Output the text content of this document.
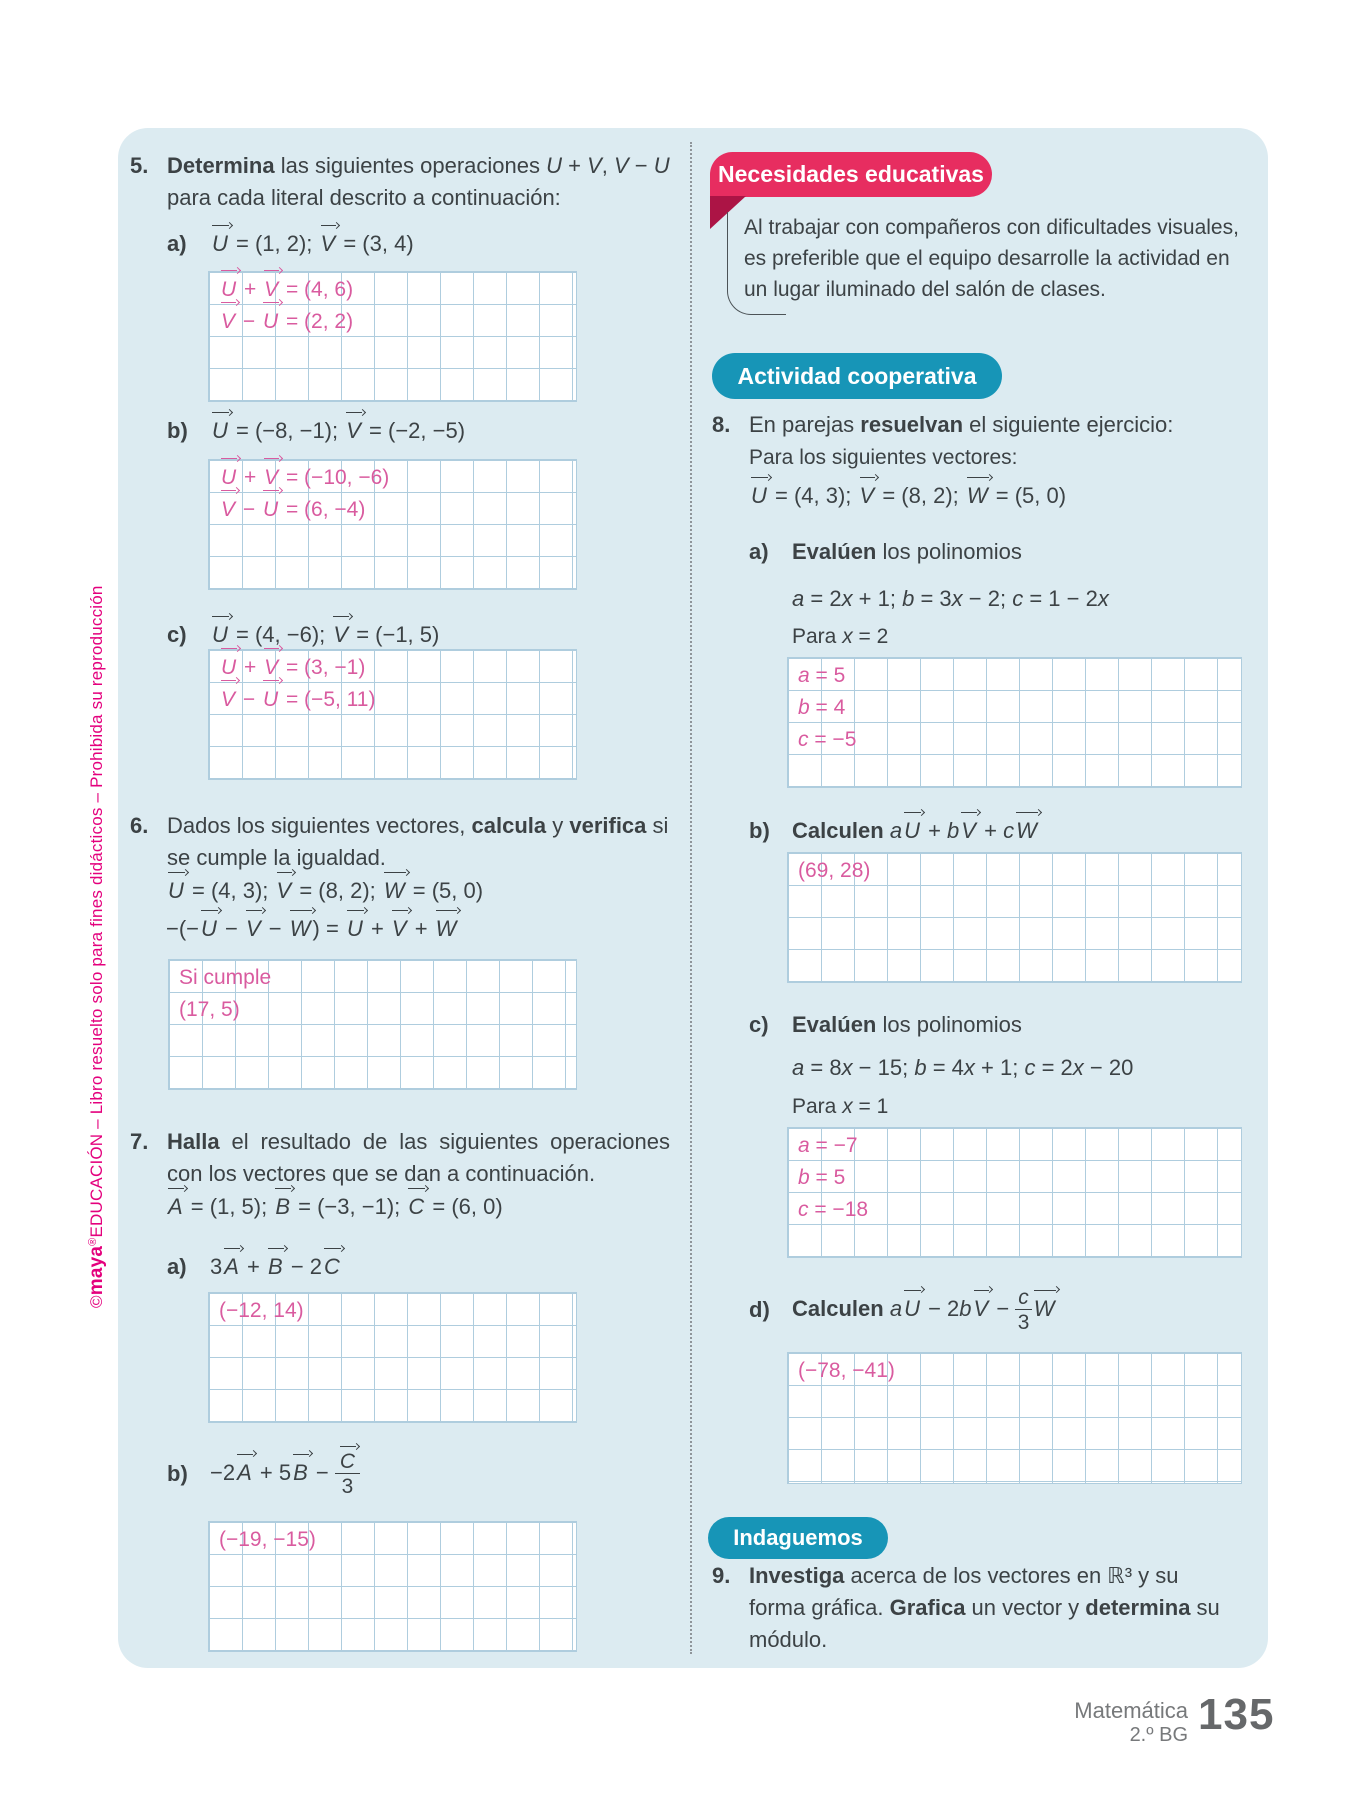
©maya®EDUCACIÓN – Libro resuelto solo para fines didácticos – Prohibida su reproducción
5. Determina las siguientes operaciones U + V, V − U para cada literal descrito a continuación:
a)	U = (1, 2); V = (3, 4)
U + V = (4, 6)
V − U = (2, 2)
b)	U = (−8, −1); V = (−2, −5)
U + V = (−10, −6)
V − U = (6, −4)
c)	U = (4, −6); V = (−1, 5)
U + V = (3, −1)
V − U = (−5, 11)
6. Dados los siguientes vectores, calcula y verifica si se cumple la igualdad.
U = (4, 3); V = (8, 2); W = (5, 0)
−(−U − V − W) = U + V + W
Si cumple
(17, 5)
7. Halla el resultado de las siguientes operaciones con los vectores que se dan a continuación.
A = (1, 5); B = (−3, −1); C = (6, 0)
a)	3A + B − 2C
(−12, 14)
b)	$-2A + 5B - \frac{C}{3}$
(−19, −15)
Necesidades educativas
Al trabajar con compañeros con dificultades visuales, es preferible que el equipo desarrolle la actividad en un lugar iluminado del salón de clases.
Actividad cooperativa
8. En parejas resuelvan el siguiente ejercicio:
Para los siguientes vectores:
U = (4, 3); V = (8, 2); W = (5, 0)
a)	Evalúen los polinomios
a = 2x + 1; b = 3x − 2; c = 1 − 2x
Para x = 2
a = 5
b = 4
c = −5
b)	Calculen aU + bV + cW
(69, 28)
c)	Evalúen los polinomios
a = 8x − 15; b = 4x + 1; c = 2x − 20
Para x = 1
a = −7
b = 5
c = −18
d)	Calculen aU − $2bV - \frac{c}{3}$ W
(−78, −41)
Indaguemos
9. Investiga acerca de los vectores en ℝ³ y su forma gráfica. Grafica un vector y determina su módulo.
Matemática
2.º BG 135
